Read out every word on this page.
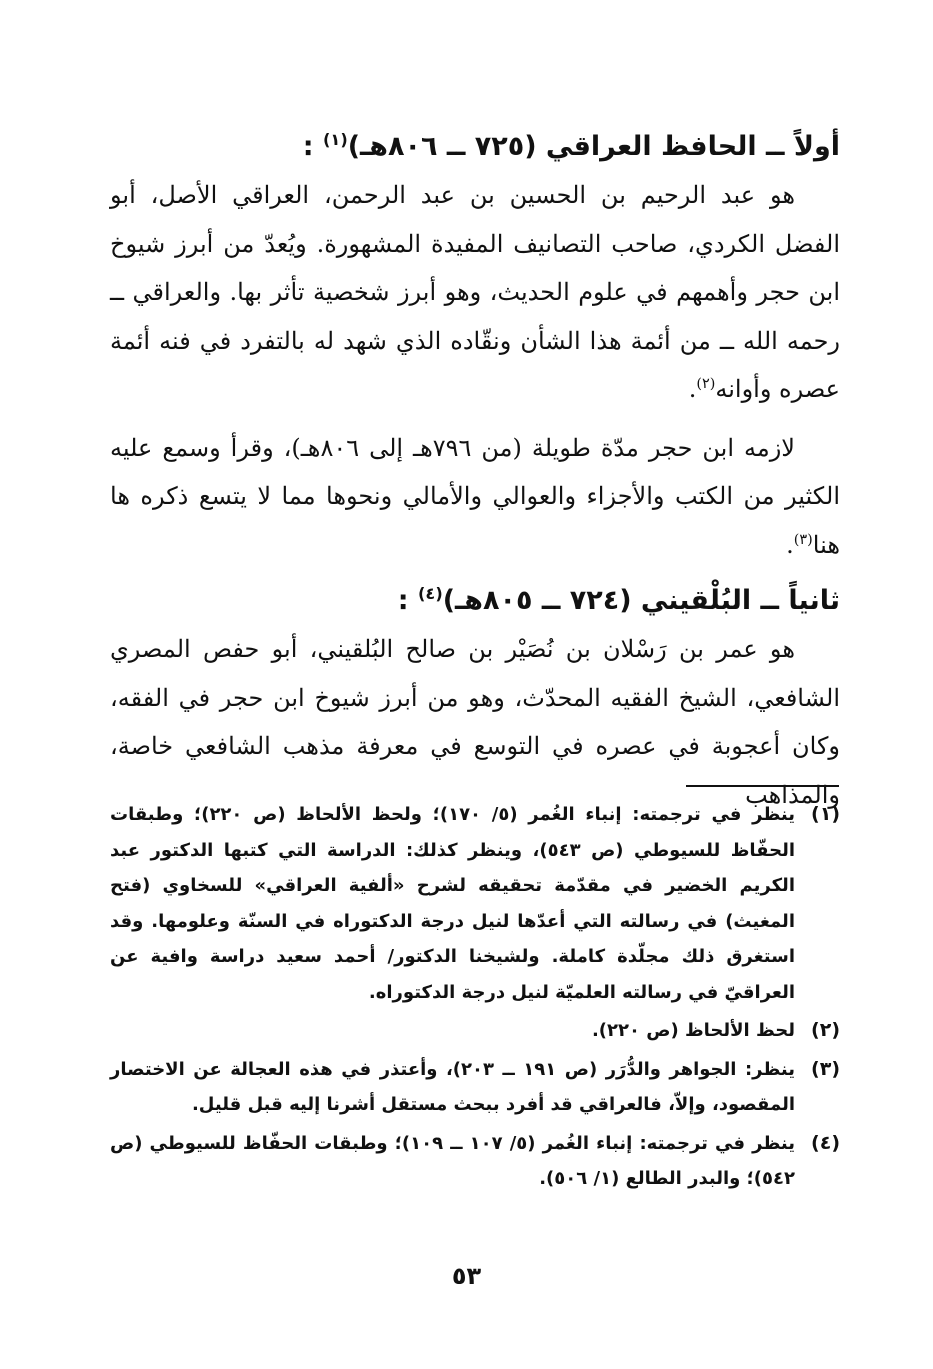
أولاً ــ الحافظ العراقي (٧٢٥ ــ ٨٠٦هـ)$^{(١)}$ :

هو عبد الرحيم بن الحسين بن عبد الرحمن، العراقي الأصل، أبو الفضل الكردي، صاحب التصانيف المفيدة المشهورة. ويُعدّ من أبرز شيوخ ابن حجر وأهمهم في علوم الحديث، وهو أبرز شخصية تأثر بها. والعراقي ــ رحمه الله ــ من أئمة هذا الشأن ونقّاده الذي شهد له بالتفرد في فنه أئمة عصره وأوانه$^{(٢)}$.

لازمه ابن حجر مدّة طويلة (من ٧٩٦هـ إلى ٨٠٦هـ)، وقرأ وسمع عليه الكثير من الكتب والأجزاء والعوالي والأمالي ونحوها مما لا يتسع ذكره ها هنا$^{(٣)}$.

ثانياً ــ البُلْقيني (٧٢٤ ــ ٨٠٥هـ)$^{(٤)}$ :

هو عمر بن رَسْلان بن نُصَيْر بن صالح البُلقيني، أبو حفص المصري الشافعي، الشيخ الفقيه المحدّث، وهو من أبرز شيوخ ابن حجر في الفقه، وكان أعجوبة في عصره في التوسع في معرفة مذهب الشافعي خاصة، والمذاهب

(١)
ينظر في ترجمته: إنباء الغُمر (٥/ ١٧٠)؛ ولحظ الألحاظ (ص ٢٢٠)؛ وطبقات الحفّاظ للسيوطي (ص ٥٤٣)، وينظر كذلك: الدراسة التي كتبها الدكتور عبد الكريم الخضير في مقدّمة تحقيقه لشرح «ألفية العراقي» للسخاوي (فتح المغيث) في رسالته التي أعدّها لنيل درجة الدكتوراه في السنّة وعلومها. وقد استغرق ذلك مجلّدة كاملة. ولشيخنا الدكتور/ أحمد سعيد دراسة وافية عن العراقيّ في رسالته العلميّة لنيل درجة الدكتوراه.
(٢)
لحظ الألحاظ (ص ٢٢٠).
(٣)
ينظر: الجواهر والدُّرَر (ص ١٩١ ــ ٢٠٣)، وأعتذر في هذه العجالة عن الاختصار المقصود، وإلاّ، فالعراقي قد أفرد ببحث مستقل أشرنا إليه قبل قليل.
(٤)
ينظر في ترجمته: إنباء الغُمر (٥/ ١٠٧ ــ ١٠٩)؛ وطبقات الحفّاظ للسيوطي (ص ٥٤٢)؛ والبدر الطالع (١/ ٥٠٦).
٥٣
